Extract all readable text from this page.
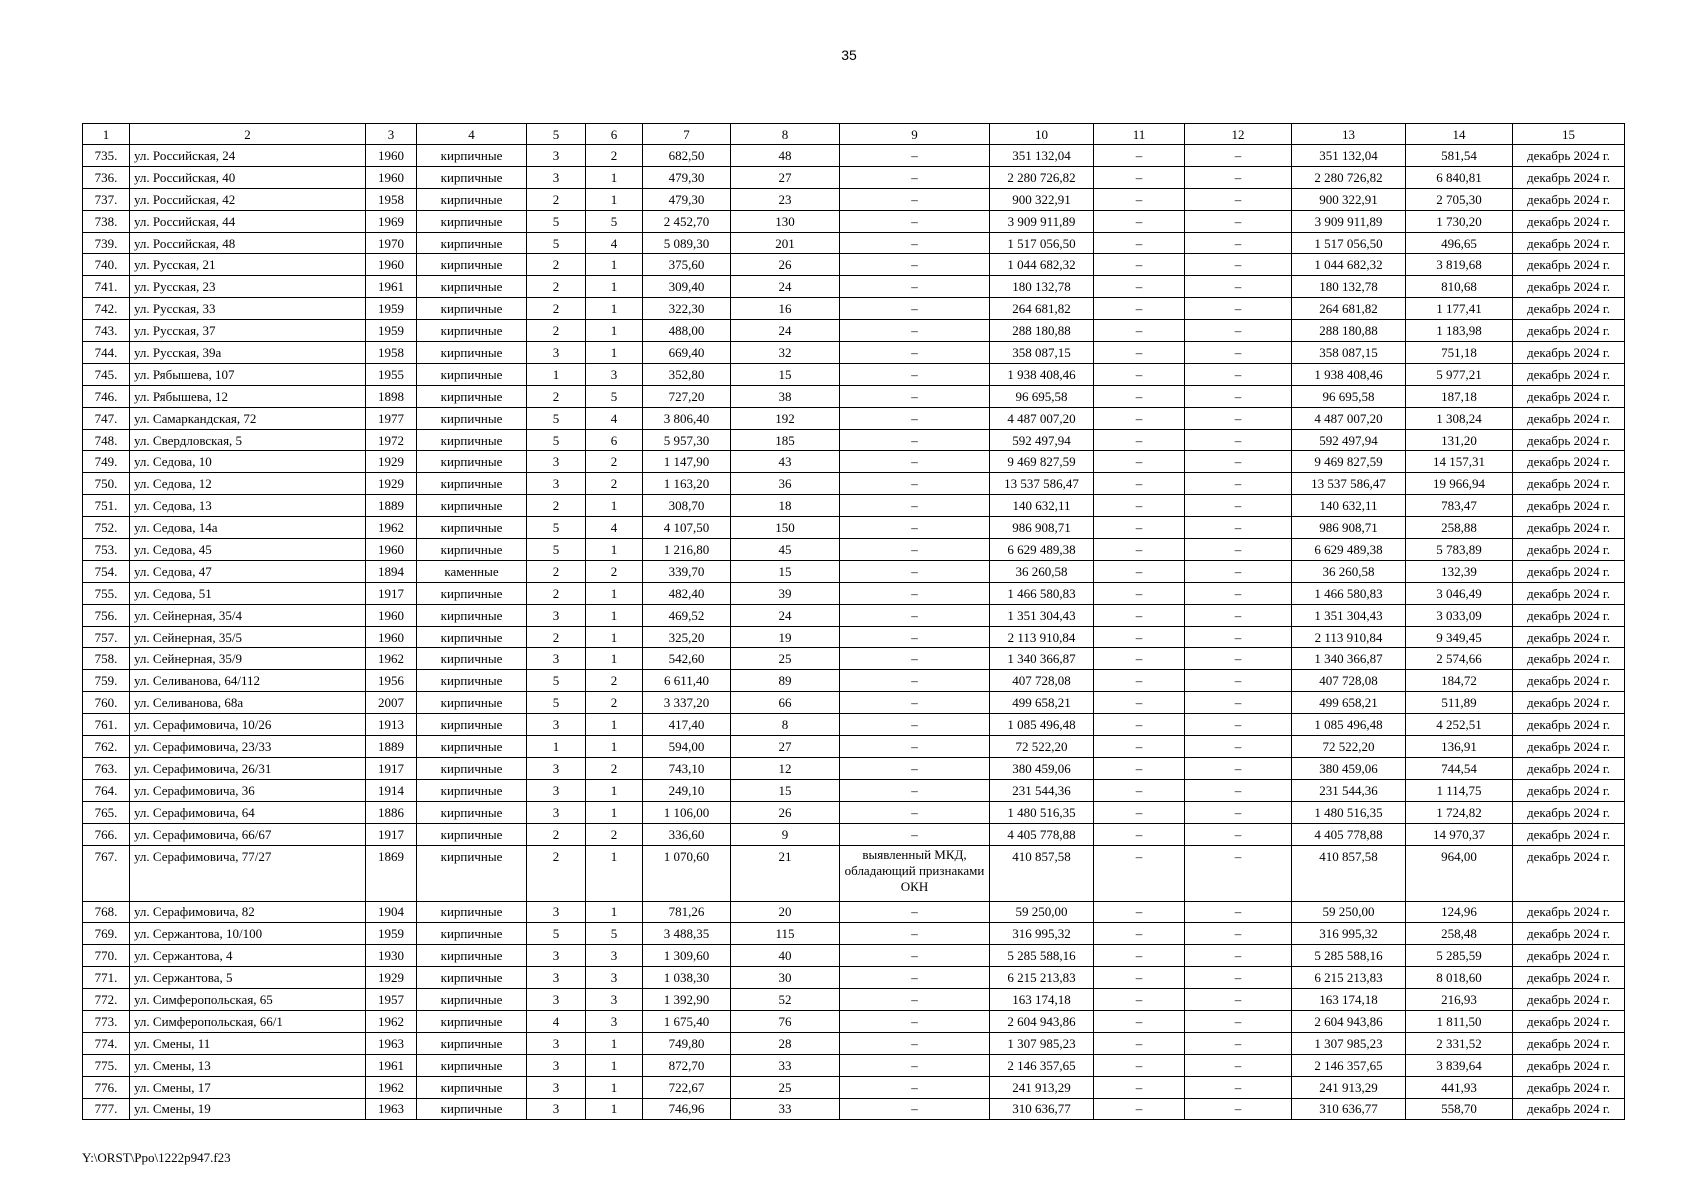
35
1	2	3	4	5	6	7	8	9	10	11	12	13	14	15
735.	ул. Российская, 24	1960	кирпичные	3	2	682,50	48	–	351 132,04	–	–	351 132,04	581,54	декабрь 2024 г.
736.	ул. Российская, 40	1960	кирпичные	3	1	479,30	27	–	2 280 726,82	–	–	2 280 726,82	6 840,81	декабрь 2024 г.
737.	ул. Российская, 42	1958	кирпичные	2	1	479,30	23	–	900 322,91	–	–	900 322,91	2 705,30	декабрь 2024 г.
738.	ул. Российская, 44	1969	кирпичные	5	5	2 452,70	130	–	3 909 911,89	–	–	3 909 911,89	1 730,20	декабрь 2024 г.
739.	ул. Российская, 48	1970	кирпичные	5	4	5 089,30	201	–	1 517 056,50	–	–	1 517 056,50	496,65	декабрь 2024 г.
740.	ул. Русская, 21	1960	кирпичные	2	1	375,60	26	–	1 044 682,32	–	–	1 044 682,32	3 819,68	декабрь 2024 г.
741.	ул. Русская, 23	1961	кирпичные	2	1	309,40	24	–	180 132,78	–	–	180 132,78	810,68	декабрь 2024 г.
742.	ул. Русская, 33	1959	кирпичные	2	1	322,30	16	–	264 681,82	–	–	264 681,82	1 177,41	декабрь 2024 г.
743.	ул. Русская, 37	1959	кирпичные	2	1	488,00	24	–	288 180,88	–	–	288 180,88	1 183,98	декабрь 2024 г.
744.	ул. Русская, 39а	1958	кирпичные	3	1	669,40	32	–	358 087,15	–	–	358 087,15	751,18	декабрь 2024 г.
745.	ул. Рябышева, 107	1955	кирпичные	1	3	352,80	15	–	1 938 408,46	–	–	1 938 408,46	5 977,21	декабрь 2024 г.
746.	ул. Рябышева, 12	1898	кирпичные	2	5	727,20	38	–	96 695,58	–	–	96 695,58	187,18	декабрь 2024 г.
747.	ул. Самаркандская, 72	1977	кирпичные	5	4	3 806,40	192	–	4 487 007,20	–	–	4 487 007,20	1 308,24	декабрь 2024 г.
748.	ул. Свердловская, 5	1972	кирпичные	5	6	5 957,30	185	–	592 497,94	–	–	592 497,94	131,20	декабрь 2024 г.
749.	ул. Седова, 10	1929	кирпичные	3	2	1 147,90	43	–	9 469 827,59	–	–	9 469 827,59	14 157,31	декабрь 2024 г.
750.	ул. Седова, 12	1929	кирпичные	3	2	1 163,20	36	–	13 537 586,47	–	–	13 537 586,47	19 966,94	декабрь 2024 г.
751.	ул. Седова, 13	1889	кирпичные	2	1	308,70	18	–	140 632,11	–	–	140 632,11	783,47	декабрь 2024 г.
752.	ул. Седова, 14а	1962	кирпичные	5	4	4 107,50	150	–	986 908,71	–	–	986 908,71	258,88	декабрь 2024 г.
753.	ул. Седова, 45	1960	кирпичные	5	1	1 216,80	45	–	6 629 489,38	–	–	6 629 489,38	5 783,89	декабрь 2024 г.
754.	ул. Седова, 47	1894	каменные	2	2	339,70	15	–	36 260,58	–	–	36 260,58	132,39	декабрь 2024 г.
755.	ул. Седова, 51	1917	кирпичные	2	1	482,40	39	–	1 466 580,83	–	–	1 466 580,83	3 046,49	декабрь 2024 г.
756.	ул. Сейнерная, 35/4	1960	кирпичные	3	1	469,52	24	–	1 351 304,43	–	–	1 351 304,43	3 033,09	декабрь 2024 г.
757.	ул. Сейнерная, 35/5	1960	кирпичные	2	1	325,20	19	–	2 113 910,84	–	–	2 113 910,84	9 349,45	декабрь 2024 г.
758.	ул. Сейнерная, 35/9	1962	кирпичные	3	1	542,60	25	–	1 340 366,87	–	–	1 340 366,87	2 574,66	декабрь 2024 г.
759.	ул. Селиванова, 64/112	1956	кирпичные	5	2	6 611,40	89	–	407 728,08	–	–	407 728,08	184,72	декабрь 2024 г.
760.	ул. Селиванова, 68а	2007	кирпичные	5	2	3 337,20	66	–	499 658,21	–	–	499 658,21	511,89	декабрь 2024 г.
761.	ул. Серафимовича, 10/26	1913	кирпичные	3	1	417,40	8	–	1 085 496,48	–	–	1 085 496,48	4 252,51	декабрь 2024 г.
762.	ул. Серафимовича, 23/33	1889	кирпичные	1	1	594,00	27	–	72 522,20	–	–	72 522,20	136,91	декабрь 2024 г.
763.	ул. Серафимовича, 26/31	1917	кирпичные	3	2	743,10	12	–	380 459,06	–	–	380 459,06	744,54	декабрь 2024 г.
764.	ул. Серафимовича, 36	1914	кирпичные	3	1	249,10	15	–	231 544,36	–	–	231 544,36	1 114,75	декабрь 2024 г.
765.	ул. Серафимовича, 64	1886	кирпичные	3	1	1 106,00	26	–	1 480 516,35	–	–	1 480 516,35	1 724,82	декабрь 2024 г.
766.	ул. Серафимовича, 66/67	1917	кирпичные	2	2	336,60	9	–	4 405 778,88	–	–	4 405 778,88	14 970,37	декабрь 2024 г.
767.	ул. Серафимовича, 77/27	1869	кирпичные	2	1	1 070,60	21	выявленный МКД, обладающий признаками ОКН	410 857,58	–	–	410 857,58	964,00	декабрь 2024 г.
768.	ул. Серафимовича, 82	1904	кирпичные	3	1	781,26	20	–	59 250,00	–	–	59 250,00	124,96	декабрь 2024 г.
769.	ул. Сержантова, 10/100	1959	кирпичные	5	5	3 488,35	115	–	316 995,32	–	–	316 995,32	258,48	декабрь 2024 г.
770.	ул. Сержантова, 4	1930	кирпичные	3	3	1 309,60	40	–	5 285 588,16	–	–	5 285 588,16	5 285,59	декабрь 2024 г.
771.	ул. Сержантова, 5	1929	кирпичные	3	3	1 038,30	30	–	6 215 213,83	–	–	6 215 213,83	8 018,60	декабрь 2024 г.
772.	ул. Симферопольская, 65	1957	кирпичные	3	3	1 392,90	52	–	163 174,18	–	–	163 174,18	216,93	декабрь 2024 г.
773.	ул. Симферопольская, 66/1	1962	кирпичные	4	3	1 675,40	76	–	2 604 943,86	–	–	2 604 943,86	1 811,50	декабрь 2024 г.
774.	ул. Смены, 11	1963	кирпичные	3	1	749,80	28	–	1 307 985,23	–	–	1 307 985,23	2 331,52	декабрь 2024 г.
775.	ул. Смены, 13	1961	кирпичные	3	1	872,70	33	–	2 146 357,65	–	–	2 146 357,65	3 839,64	декабрь 2024 г.
776.	ул. Смены, 17	1962	кирпичные	3	1	722,67	25	–	241 913,29	–	–	241 913,29	441,93	декабрь 2024 г.
777.	ул. Смены, 19	1963	кирпичные	3	1	746,96	33	–	310 636,77	–	–	310 636,77	558,70	декабрь 2024 г.
Y:\ORST\Ppo\1222p947.f23
